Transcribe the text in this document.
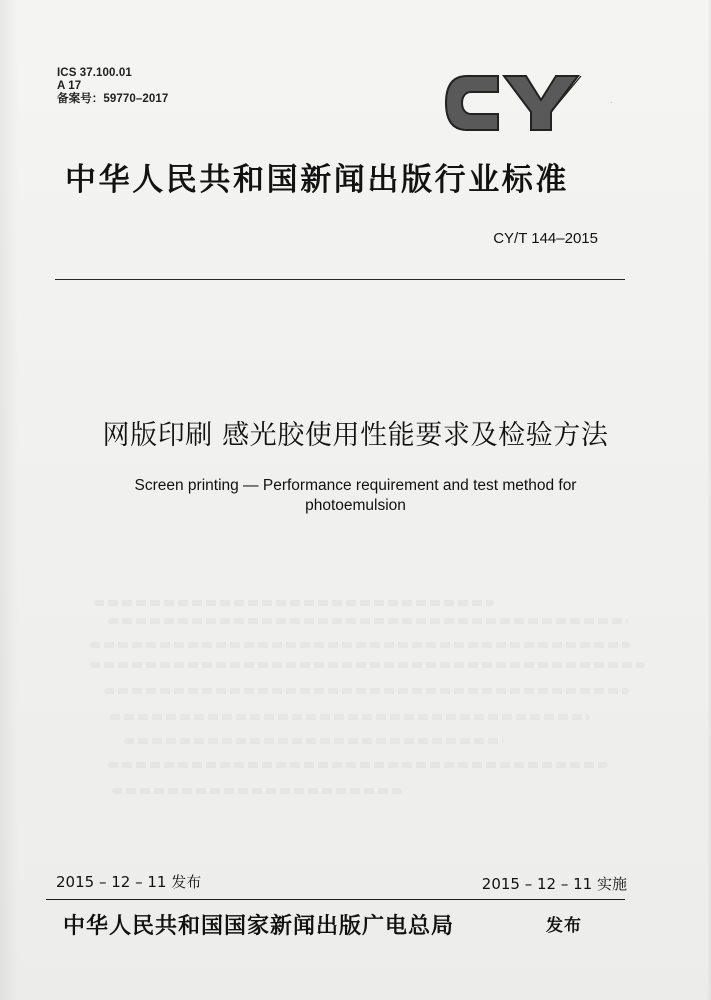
ICS 37.100.01
A 17
备案号：59770–2017	·
中华人民共和国新闻出版行业标准
CY/T 144–2015
网版印刷 感光胶使用性能要求及检验方法
Screen printing — Performance requirement and test method for
photoemulsion
2015 – 12 – 11 发布	2015 – 12 – 11 实施
中华人民共和国国家新闻出版广电总局	发布
